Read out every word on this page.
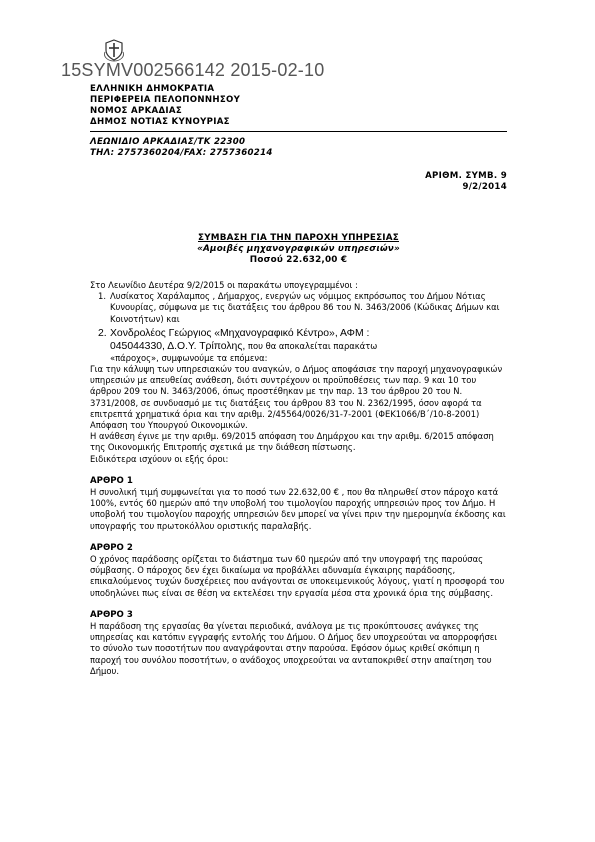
15SYMV002566142 2015-02-10
ΕΛΛΗΝΙΚΗ ΔΗΜΟΚΡΑΤΙΑ
ΠΕΡΙΦΕΡΕΙΑ ΠΕΛΟΠΟΝΝΗΣΟΥ
ΝΟΜΟΣ ΑΡΚΑΔΙΑΣ
ΔΗΜΟΣ ΝΟΤΙΑΣ ΚΥΝΟΥΡΙΑΣ
ΛΕΩΝΙΔΙΟ ΑΡΚΑΔΙΑΣ/ΤΚ 22300
ΤΗΛ: 2757360204/FAX: 2757360214
ΑΡΙΘΜ. ΣΥΜΒ. 9
9/2/2014
ΣΥΜΒΑΣΗ ΓΙΑ ΤΗΝ ΠΑΡΟΧΗ ΥΠΗΡΕΣΙΑΣ
«Αμοιβές μηχανογραφικών υπηρεσιών»
Ποσού 22.632,00 €

Στο Λεωνίδιο Δευτέρα 9/2/2015 οι παρακάτω υπογεγραμμένοι :

1. Λυσίκατος Χαράλαμπος , Δήμαρχος, ενεργών ως νόμιμος εκπρόσωπος του Δήμου Νότιας Κυνουρίας, σύμφωνα με τις διατάξεις του άρθρου 86 του Ν. 3463/2006 (Κώδικας Δήμων και Κοινοτήτων) και
2. Χονδρολέος Γεώργιος «Μηχανογραφικό Κέντρο», ΑΦΜ :
045044330, Δ.Ο.Υ. Τρίπολης, που θα αποκαλείται παρακάτω
«πάροχος», συμφωνούμε τα επόμενα:

Για την κάλυψη των υπηρεσιακών του αναγκών, ο Δήμος αποφάσισε την παροχή μηχανογραφικών υπηρεσιών με απευθείας ανάθεση, διότι συντρέχουν οι προϋποθέσεις των παρ. 9 και 10 του άρθρου 209 του Ν. 3463/2006, όπως προστέθηκαν με την παρ. 13 του άρθρου 20 του Ν. 3731/2008, σε συνδυασμό με τις διατάξεις του άρθρου 83 του Ν. 2362/1995, όσον αφορά τα επιτρεπτά χρηματικά όρια και την αριθμ. 2/45564/0026/31-7-2001 (ΦΕΚ1066/Β΄/10-8-2001) Απόφαση του Υπουργού Οικονομικών.

Η ανάθεση έγινε με την αριθμ. 69/2015 απόφαση του Δημάρχου και την αριθμ. 6/2015 απόφαση της Οικονομικής Επιτροπής σχετικά με την διάθεση πίστωσης.

Ειδικότερα ισχύουν οι εξής όροι:

ΑΡΘΡΟ 1

Η συνολική τιμή συμφωνείται για το ποσό των 22.632,00 € , που θα πληρωθεί στον πάροχο κατά 100%, εντός 60 ημερών από την υποβολή του τιμολογίου παροχής υπηρεσιών προς τον Δήμο. Η υποβολή του τιμολογίου παροχής υπηρεσιών δεν μπορεί να γίνει πριν την ημερομηνία έκδοσης και υπογραφής του πρωτοκόλλου οριστικής παραλαβής.

ΑΡΘΡΟ 2

Ο χρόνος παράδοσης ορίζεται το διάστημα των 60 ημερών από την υπογραφή της παρούσας σύμβασης. Ο πάροχος δεν έχει δικαίωμα να προβάλλει αδυναμία έγκαιρης παράδοσης, επικαλούμενος τυχών δυσχέρειες που ανάγονται σε υποκειμενικούς λόγους, γιατί η προσφορά του υποδηλώνει πως είναι σε θέση να εκτελέσει την εργασία μέσα στα χρονικά όρια της σύμβασης.

ΑΡΘΡΟ 3

Η παράδοση της εργασίας θα γίνεται περιοδικά, ανάλογα με τις προκύπτουσες ανάγκες της υπηρεσίας και κατόπιν εγγραφής εντολής του Δήμου. Ο Δήμος δεν υποχρεούται να απορροφήσει το σύνολο των ποσοτήτων που αναγράφονται στην παρούσα. Εφόσον όμως κριθεί σκόπιμη η παροχή του συνόλου ποσοτήτων, ο ανάδοχος υποχρεούται να ανταποκριθεί στην απαίτηση του Δήμου.
